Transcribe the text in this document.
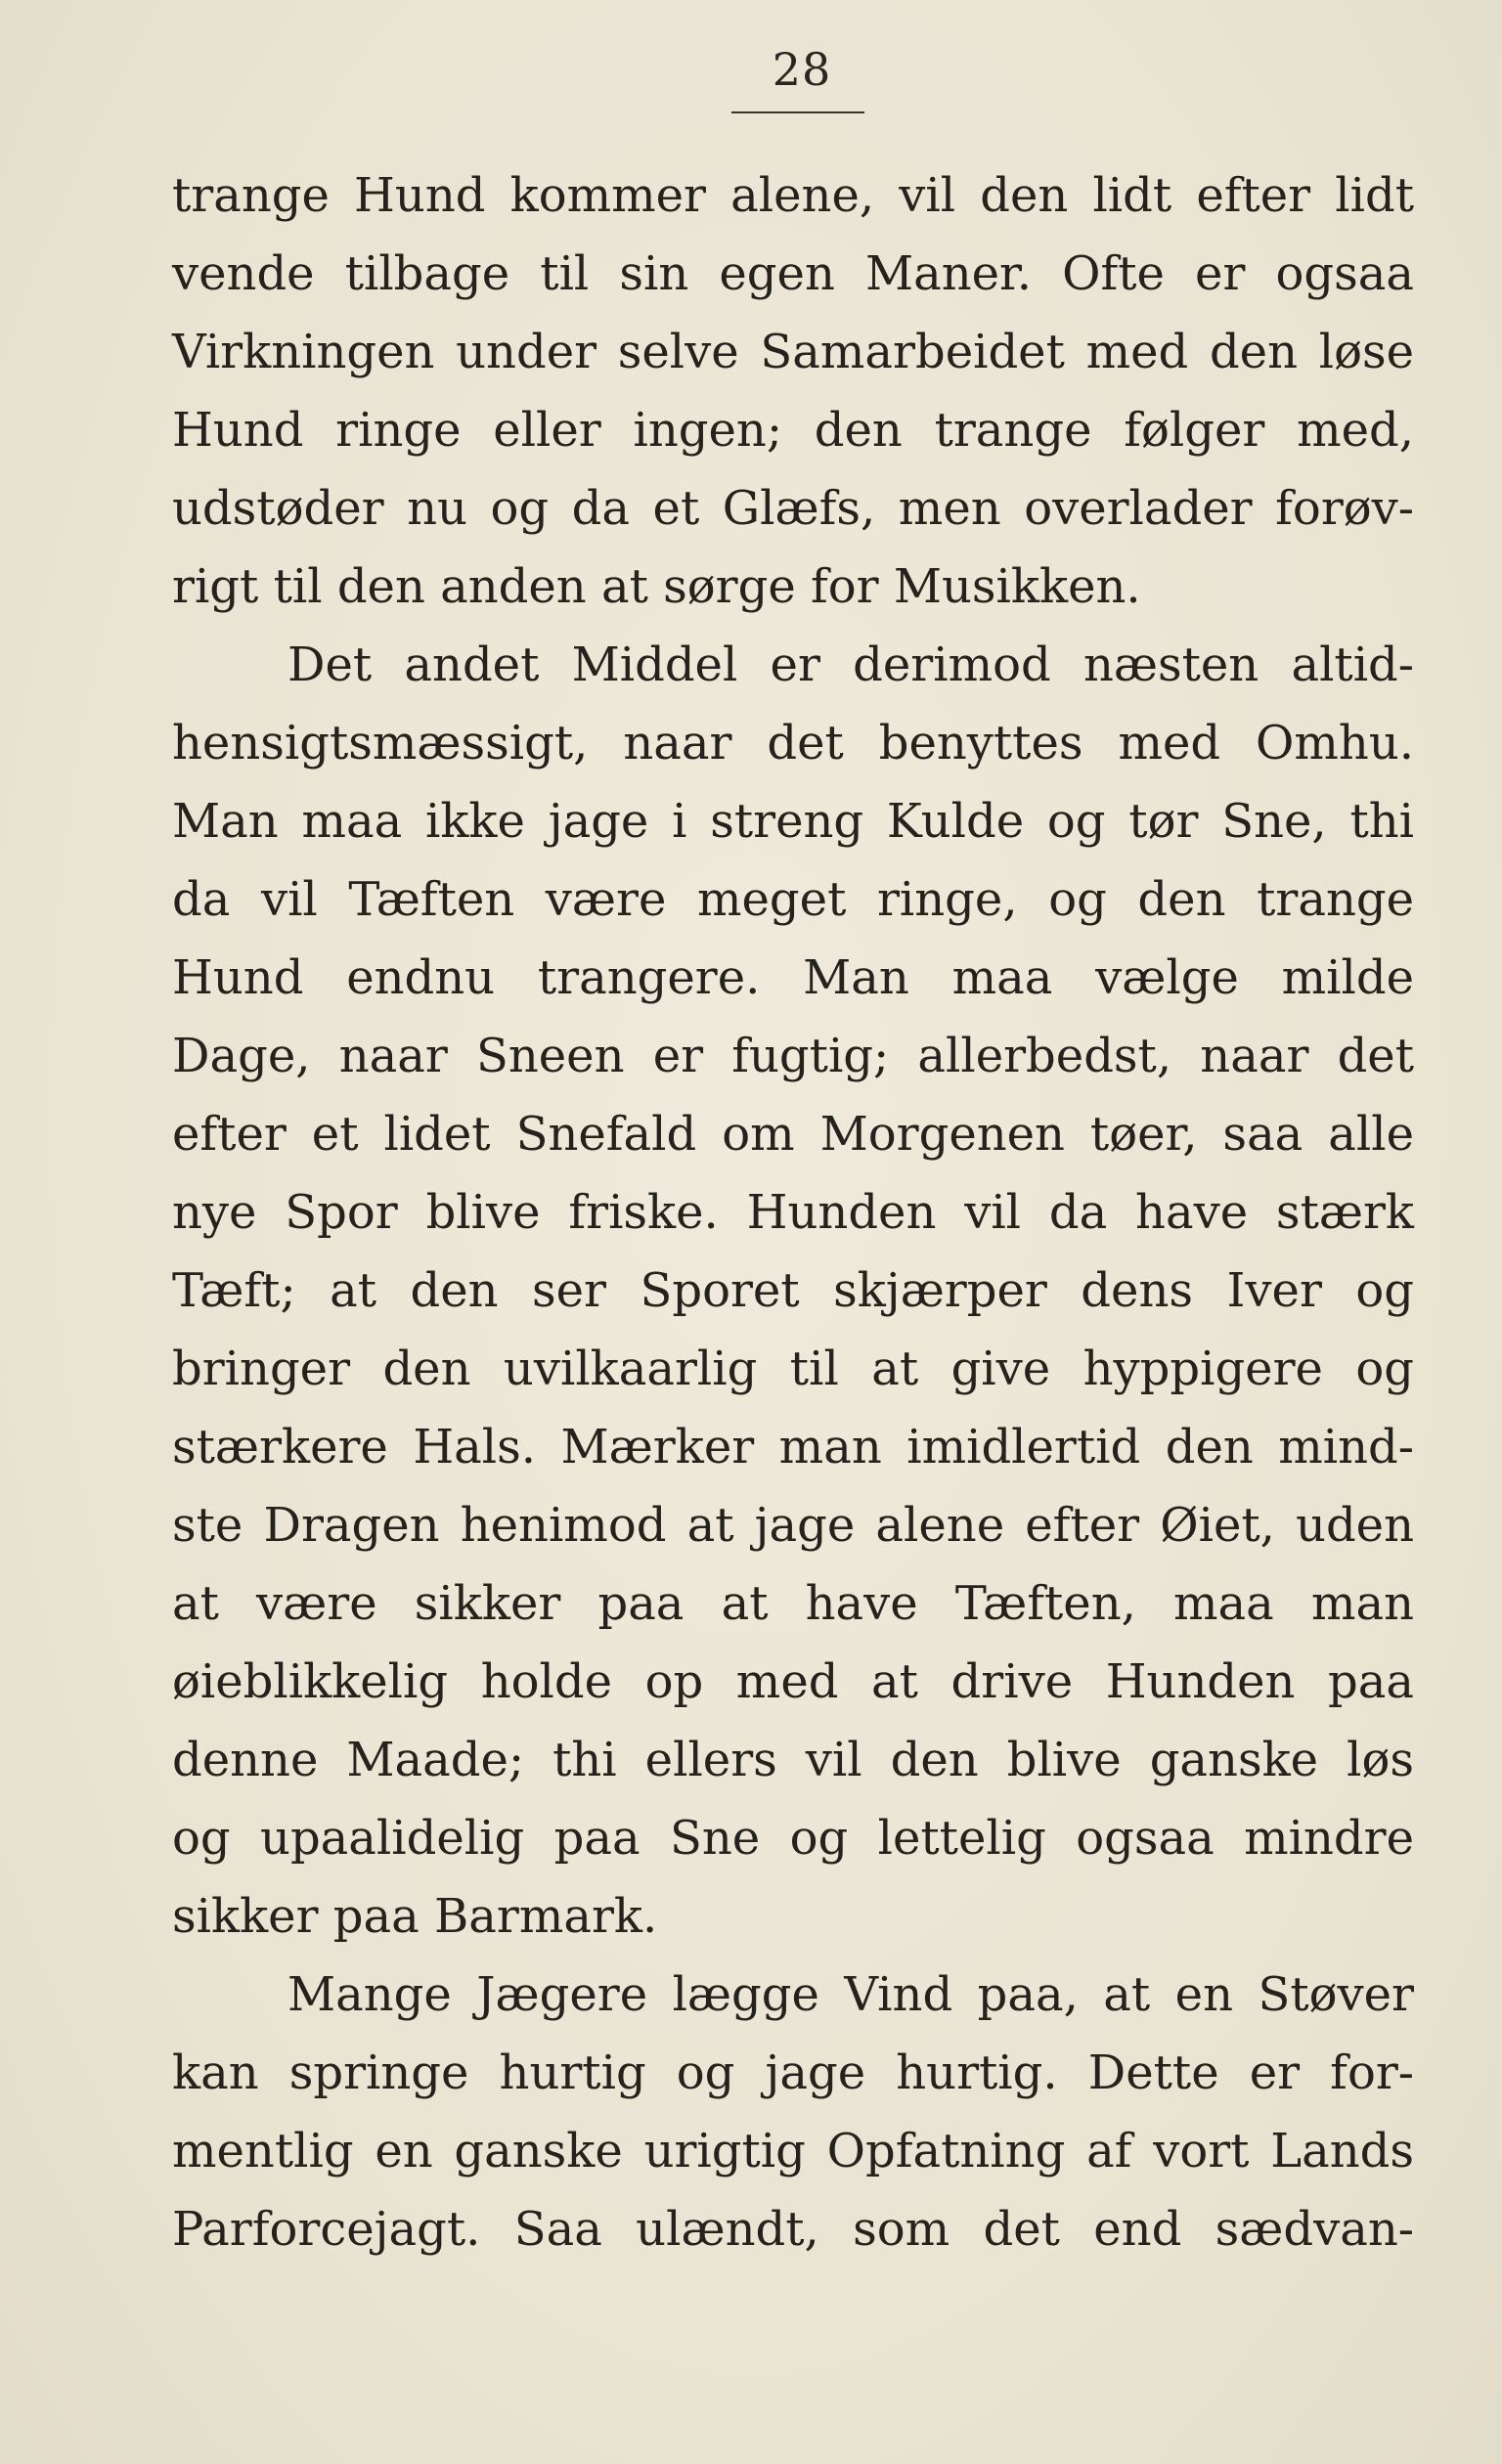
28
trange Hund kommer alene, vil den lidt efter lidt
vende tilbage til sin egen Maner. Ofte er ogsaa
Virkningen under selve Samarbeidet med den løse
Hund ringe eller ingen; den trange følger med,
udstøder nu og da et Glæfs, men overlader forøv-
rigt til den anden at sørge for Musikken.
Det andet Middel er derimod næsten altid-
hensigtsmæssigt, naar det benyttes med Omhu.
Man maa ikke jage i streng Kulde og tør Sne, thi
da vil Tæften være meget ringe, og den trange
Hund endnu trangere. Man maa vælge milde
Dage, naar Sneen er fugtig; allerbedst, naar det
efter et lidet Snefald om Morgenen tøer, saa alle
nye Spor blive friske. Hunden vil da have stærk
Tæft; at den ser Sporet skjærper dens Iver og
bringer den uvilkaarlig til at give hyppigere og
stærkere Hals. Mærker man imidlertid den mind-
ste Dragen henimod at jage alene efter Øiet, uden
at være sikker paa at have Tæften, maa man
øieblikkelig holde op med at drive Hunden paa
denne Maade; thi ellers vil den blive ganske løs
og upaalidelig paa Sne og lettelig ogsaa mindre
sikker paa Barmark.
Mange Jægere lægge Vind paa, at en Støver
kan springe hurtig og jage hurtig. Dette er for-
mentlig en ganske urigtig Opfatning af vort Lands
Parforcejagt. Saa ulændt, som det end sædvan-
